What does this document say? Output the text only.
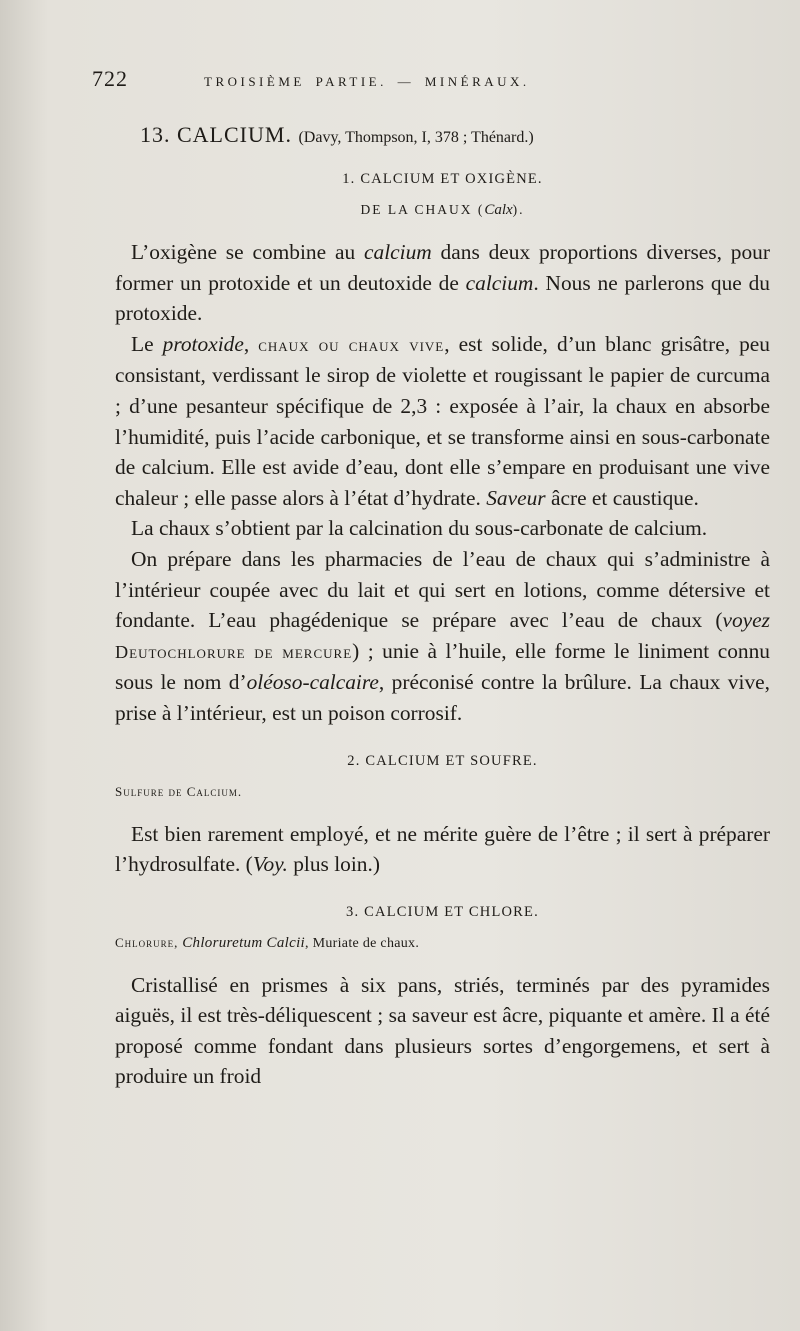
722	TROISIÈME PARTIE. — MINÉRAUX.
13. CALCIUM. (Davy, Thompson, I, 378 ; Thénard.)
1. CALCIUM ET OXIGÈNE.
DE LA CHAUX (Calx).

L’oxigène se combine au calcium dans deux proportions diverses, pour former un protoxide et un deutoxide de calcium. Nous ne parlerons que du protoxide.

Le protoxide, chaux ou chaux vive, est solide, d’un blanc grisâtre, peu consistant, verdissant le sirop de violette et rougissant le papier de curcuma ; d’une pesanteur spécifique de 2,3 : exposée à l’air, la chaux en absorbe l’humidité, puis l’acide carbonique, et se transforme ainsi en sous-carbonate de calcium. Elle est avide d’eau, dont elle s’empare en produisant une vive chaleur ; elle passe alors à l’état d’hydrate. Saveur âcre et caustique.

La chaux s’obtient par la calcination du sous-carbonate de calcium.

On prépare dans les pharmacies de l’eau de chaux qui s’administre à l’intérieur coupée avec du lait et qui sert en lotions, comme détersive et fondante. L’eau phagédenique se prépare avec l’eau de chaux (voyez Deutochlorure de mercure) ; unie à l’huile, elle forme le liniment connu sous le nom d’oléoso-calcaire, préconisé contre la brûlure. La chaux vive, prise à l’intérieur, est un poison corrosif.

2. CALCIUM ET SOUFRE.
Sulfure de Calcium.

Est bien rarement employé, et ne mérite guère de l’être ; il sert à préparer l’hydrosulfate. (Voy. plus loin.)

3. CALCIUM ET CHLORE.
Chlorure, Chloruretum Calcii, Muriate de chaux.

Cristallisé en prismes à six pans, striés, terminés par des pyramides aiguës, il est très-déliquescent ; sa saveur est âcre, piquante et amère. Il a été proposé comme fondant dans plusieurs sortes d’engorgemens, et sert à produire un froid
